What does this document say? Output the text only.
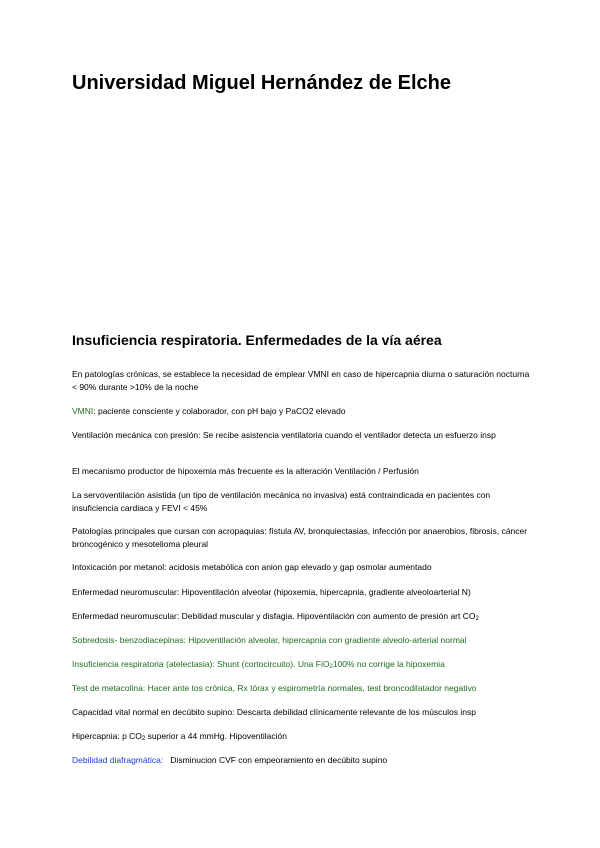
Universidad Miguel Hernández de Elche
Insuficiencia respiratoria. Enfermedades de la vía aérea

En patologías crónicas, se establece la necesidad de emplear VMNI en caso de hipercapnia diurna o saturación nocturna < 90% durante >10% de la noche

VMNI: paciente consciente y colaborador, con pH bajo y PaCO2 elevado

Ventilación mecánica con presión: Se recibe asistencia ventilatoria cuando el ventilador detecta un esfuerzo insp

El mecanismo productor de hipoxemia más frecuente es la alteración Ventilación / Perfusión

La servoventilación asistida (un tipo de ventilación mecánica no invasiva) está contraindicada en pacientes con insuficiencia cardiaca y FEVI < 45%

Patologías principales que cursan con acropaquias: fístula AV, bronquiectasias, infección por anaerobios, fibrosis, cáncer broncogénico y mesotelioma pleural

Intoxicación por metanol: acidosis metabólica con anion gap elevado y gap osmolar aumentado

Enfermedad neuromuscular: Hipoventilación alveolar (hipoxemia, hipercapnia, gradiente alveoloarterial N)

Enfermedad neuromuscular: Debilidad muscular y disfagia. Hipoventilación con aumento de presión art $CO_2$

Sobredosis- benzodiacepinas: Hipoventilación alveolar, hipercapnia con gradiente alveolo-arterial normal

Insuficiencia respiratoria (atelectasia): Shunt (cortocircuito). Una FiO$_2$100% no corrige la hipoxemia

Test de metacolina: Hacer ante tos crónica, Rx tórax y espirometría normales, test broncodilatador negativo

Capacidad vital normal en decúbito supino: Descarta debilidad clínicamente relevante de los músculos insp

Hipercapnia: p $CO_2$ superior a 44 mmHg. Hipoventilación

Debilidad diafragmática:   Disminucion CVF con empeoramiento en decúbito supino
